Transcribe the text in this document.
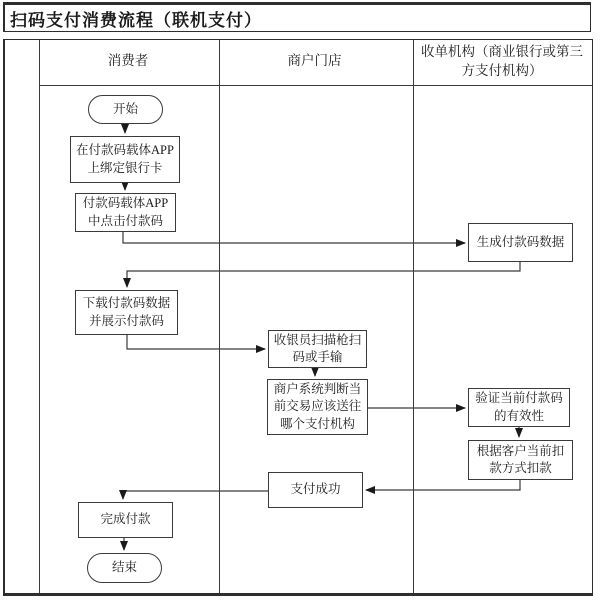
扫码支付消费流程（联机支付）
消费者	商户门店
收单机构（商业银行或第三方支付机构）
开始
在付款码载体APP上绑定银行卡
付款码载体APP中点击付款码
生成付款码数据
下载付款码数据并展示付款码
收银员扫描枪扫码或手输
商户系统判断当前交易应该送往哪个支付机构
验证当前付款码的有效性
根据客户当前扣款方式扣款
支付成功
完成付款
结束
